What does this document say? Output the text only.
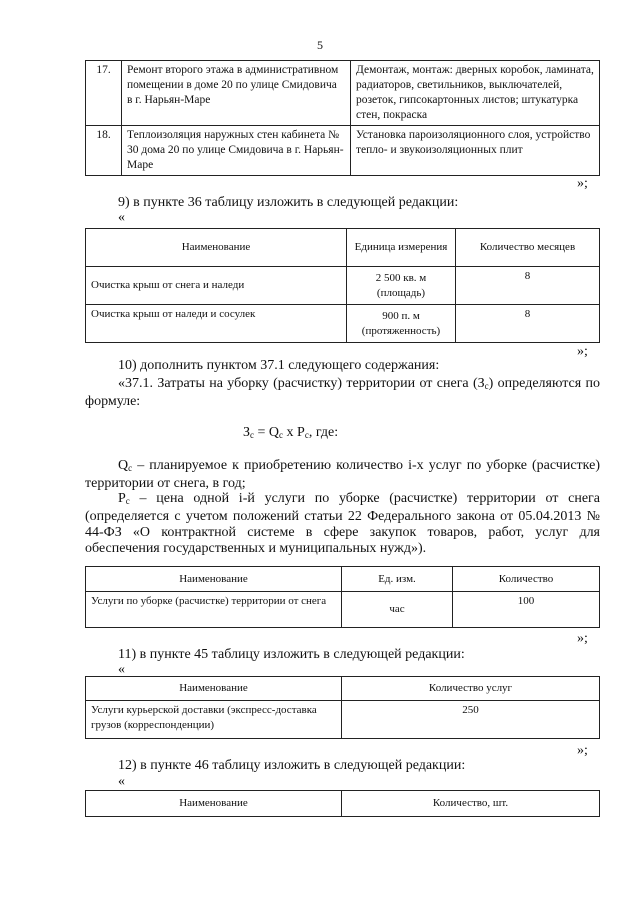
5
17.	Ремонт второго этажа в административном помещении в доме 20 по улице Смидовича в г. Нарьян-Маре	Демонтаж, монтаж: дверных коробок, ламината, радиаторов, светильников, выключателей, розеток, гипсокартонных листов; штукатурка стен, покраска
18.	Теплоизоляция наружных стен кабинета № 30 дома 20 по улице Смидовича в г. Нарьян-Маре	Установка пароизоляционного слоя, устройство тепло- и звукоизоляционных плит
»;
9) в пункте 36 таблицу изложить в следующей редакции:
«
Наименование	Единица измерения	Количество месяцев
Очистка крыш от снега и наледи	2 500 кв. м (площадь)	8
Очистка крыш от наледи и сосулек	900 п. м (протяженность)	8
»;
10) дополнить пунктом 37.1 следующего содержания:
«37.1. Затраты на уборку (расчистку) территории от снега $(З_с)$ определяются по формуле:
$З_c = Q_c$ x $P_c$, где:
$Q_c$ – планируемое к приобретению количество i-х услуг по уборке (расчистке) территории от снега, в год;
$P_c$ – цена одной i-й услуги по уборке (расчистке) территории от снега (определяется с учетом положений статьи 22 Федерального закона от 05.04.2013 № 44-ФЗ «О контрактной системе в сфере закупок товаров, работ, услуг для обеспечения государственных и муниципальных нужд»).
Наименование	Ед. изм.	Количество
Услуги по уборке (расчистке) территории от снега	час	100
»;
11) в пункте 45 таблицу изложить в следующей редакции:
«
Наименование	Количество услуг
Услуги курьерской доставки (экспресс-доставка грузов (корреспонденции)	250
»;
12) в пункте 46 таблицу изложить в следующей редакции:
«
Наименование	Количество, шт.
